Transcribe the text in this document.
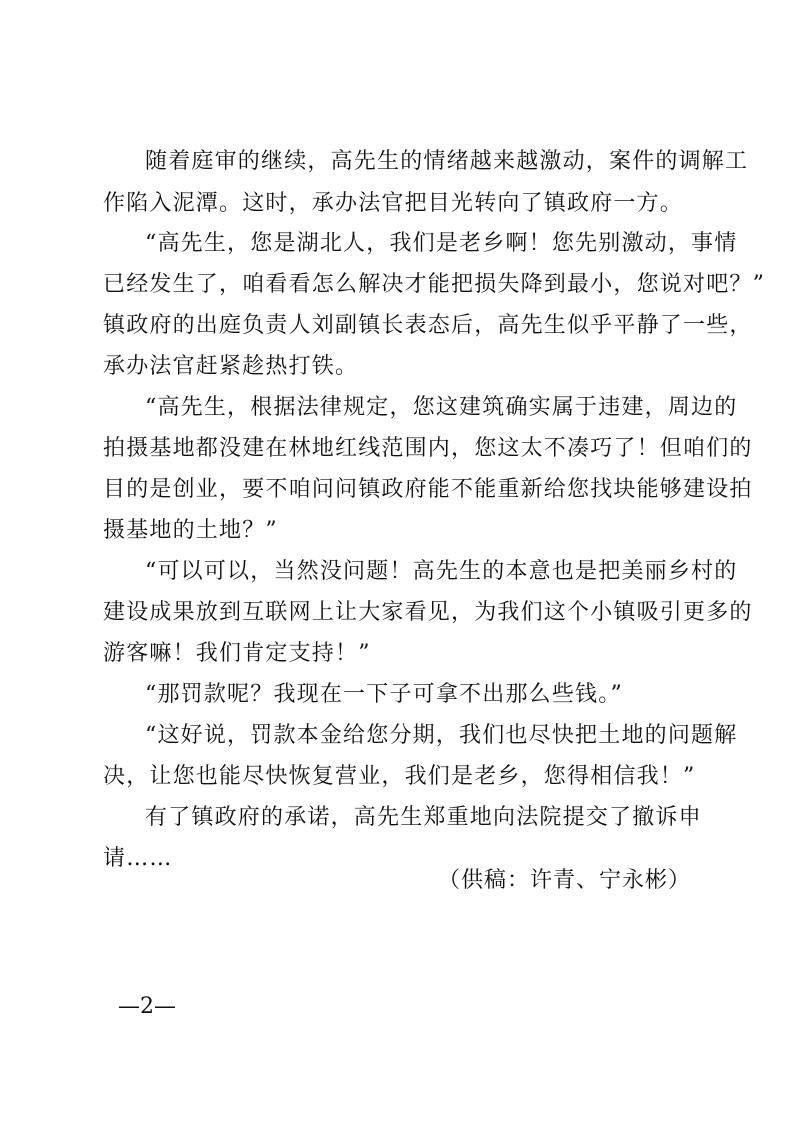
随着庭审的继续，高先生的情绪越来越激动，案件的调解工
作陷入泥潭。这时，承办法官把目光转向了镇政府一方。
“高先生，您是湖北人，我们是老乡啊！您先别激动，事情
已经发生了，咱看看怎么解决才能把损失降到最小，您说对吧？”
镇政府的出庭负责人刘副镇长表态后，高先生似乎平静了一些，
承办法官赶紧趁热打铁。
“高先生，根据法律规定，您这建筑确实属于违建，周边的
拍摄基地都没建在林地红线范围内，您这太不凑巧了！但咱们的
目的是创业，要不咱问问镇政府能不能重新给您找块能够建设拍
摄基地的土地？”
“可以可以，当然没问题！高先生的本意也是把美丽乡村的
建设成果放到互联网上让大家看见，为我们这个小镇吸引更多的
游客嘛！我们肯定支持！”
“那罚款呢？我现在一下子可拿不出那么些钱。”
“这好说，罚款本金给您分期，我们也尽快把土地的问题解
决，让您也能尽快恢复营业，我们是老乡，您得相信我！”
有了镇政府的承诺，高先生郑重地向法院提交了撤诉申
请……
（供稿：许青、宁永彬）
—2—
